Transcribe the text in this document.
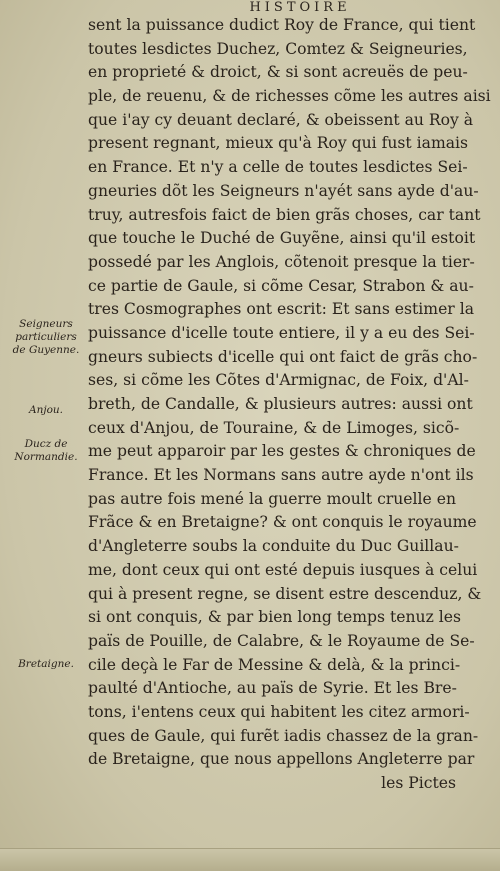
HISTOIRE
sent la puissance dudict Roy de France, qui tient
toutes lesdictes Duchez, Comtez & Seigneuries,
en proprieté & droict, & si sont acreuës de peu-
ple, de reuenu, & de richesses cõme les autres aisi
que i'ay cy deuant declaré, & obeissent au Roy à
present regnant, mieux qu'à Roy qui fust iamais
en France. Et n'y a celle de toutes lesdictes Sei-
gneuries dõt les Seigneurs n'ayét sans ayde d'au-
truy, autresfois faict de bien grãs choses, car tant
que touche le Duché de Guyẽne, ainsi qu'il estoit
possedé par les Anglois, cõtenoit presque la tier-
ce partie de Gaule, si cõme Cesar, Strabon & au-
tres Cosmographes ont escrit: Et sans estimer la
puissance d'icelle toute entiere, il y a eu des Sei-
gneurs subiects d'icelle qui ont faict de grãs cho-
ses, si cõme les Cõtes d'Armignac, de Foix, d'Al-
breth, de Candalle, & plusieurs autres: aussi ont
ceux d'Anjou, de Touraine, & de Limoges, sicõ-
me peut apparoir par les gestes & chroniques de
France. Et les Normans sans autre ayde n'ont ils
pas autre fois mené la guerre moult cruelle en
Frãce & en Bretaigne? & ont conquis le royaume
d'Angleterre soubs la conduite du Duc Guillau-
me, dont ceux qui ont esté depuis iusques à celui
qui à present regne, se disent estre descenduz, &
si ont conquis, & par bien long temps tenuz les
païs de Pouille, de Calabre, & le Royaume de Se-
cile deçà le Far de Messine & delà, & la princi-
paulté d'Antioche, au païs de Syrie. Et les Bre-
tons, i'entens ceux qui habitent les citez armori-
ques de Gaule, qui furẽt iadis chassez de la gran-
de Bretaigne, que nous appellons Angleterre par
les Pictes
Seigneurs particuliers de Guyenne.
Anjou.
Ducz de Normandie.
Bretaigne.
